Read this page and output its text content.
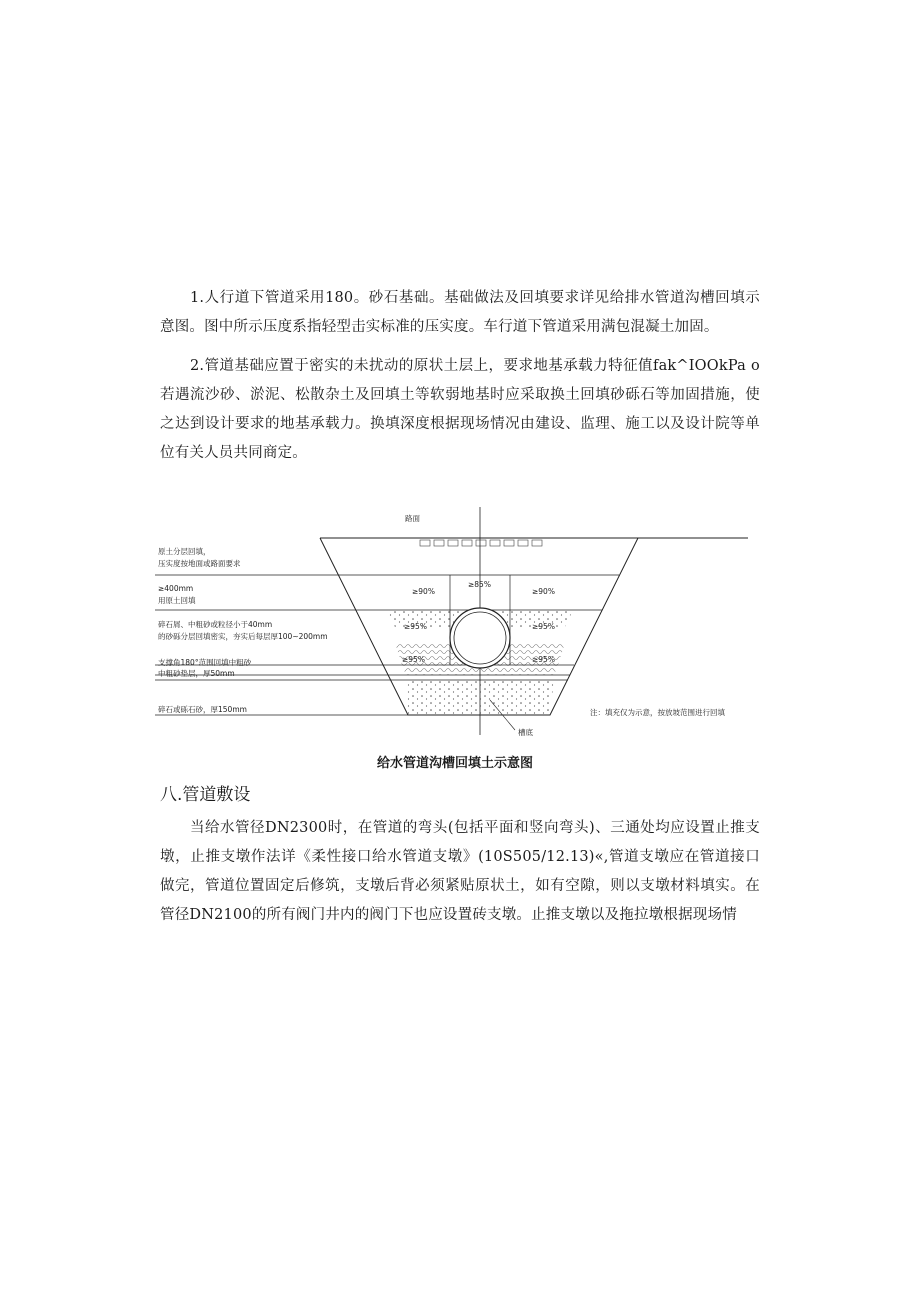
1.人行道下管道采用180。砂石基础。基础做法及回填要求详见给排水管道沟槽回填示意图。图中所示压度系指轻型击实标准的压实度。车行道下管道采用满包混凝土加固。

2.管道基础应置于密实的未扰动的原状土层上，要求地基承载力特征值fak^IOOkPa o若遇流沙砂、淤泥、松散杂土及回填土等软弱地基时应采取换土回填砂砾石等加固措施，使之达到设计要求的地基承载力。换填深度根据现场情况由建设、监理、施工以及设计院等单位有关人员共同商定。

路面
槽底
注：填充仅为示意，按放坡范围进行回填
原土分层回填，
压实度按地面或路面要求
≥400mm
用原土回填
碎石屑、中粗砂或粒径小于40mm
的砂砾分层回填密实，夯实后每层厚100~200mm
支撑角180°范围回填中粗砂
中粗砂垫层，厚50mm
碎石或砾石砂，厚150mm
≥85%
≥90%	≥90%
≥95%	≥95%
≥95%	≥95%

给水管道沟槽回填土示意图

八.管道敷设

当给水管径DN2300时，在管道的弯头(包括平面和竖向弯头)、三通处均应设置止推支墩，止推支墩作法详《柔性接口给水管道支墩》(10S505/12.13)«,管道支墩应在管道接口做完，管道位置固定后修筑，支墩后背必须紧贴原状土，如有空隙，则以支墩材料填实。在管径DN2100的所有阀门井内的阀门下也应设置砖支墩。止推支墩以及拖拉墩根据现场情
